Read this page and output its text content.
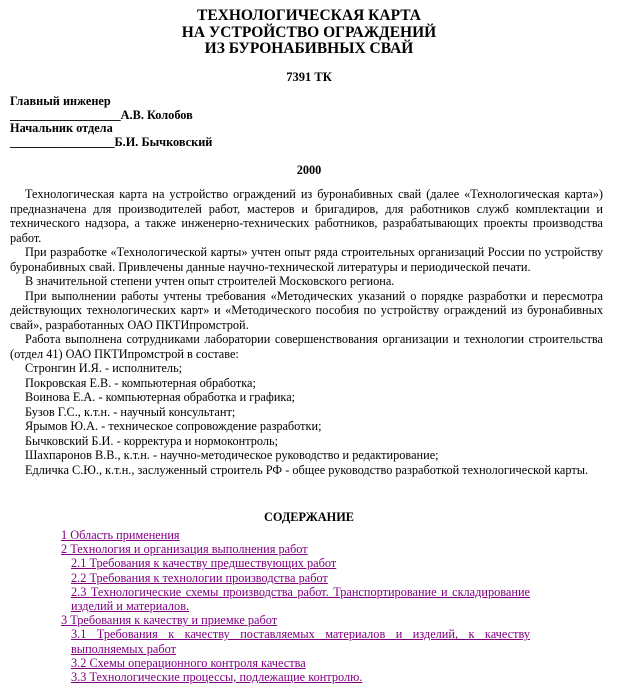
ТЕХНОЛОГИЧЕСКАЯ КАРТА
НА УСТРОЙСТВО ОГРАЖДЕНИЙ
ИЗ БУРОНАБИВНЫХ СВАЙ
7391 ТК
Главный инженер
__________________А.В. Колобов
Начальник отдела
_________________Б.И. Бычковский
2000

Технологическая карта на устройство ограждений из буронабивных свай (далее «Технологическая карта») предназначена для производителей работ, мастеров и бригадиров, для работников служб комплектации и технического надзора, а также инженерно-технических работников, разрабатывающих проекты производства работ.

При разработке «Технологической карты» учтен опыт ряда строительных организаций России по устройству буронабивных свай. Привлечены данные научно-технической литературы и периодической печати.

В значительной степени учтен опыт строителей Московского региона.

При выполнении работы учтены требования «Методических указаний о порядке разработки и пересмотра действующих технологических карт» и «Методического пособия по устройству ограждений из буронабивных свай», разработанных ОАО ПКТИпромстрой.

Работа выполнена сотрудниками лаборатории совершенствования организации и технологии строительства (отдел 41) ОАО ПКТИпромстрой в составе:

Стронгин И.Я. - исполнитель;

Покровская Е.В. - компьютерная обработка;

Воинова Е.А. - компьютерная обработка и графика;

Бузов Г.С., к.т.н. - научный консультант;

Ярымов Ю.А. - техническое сопровождение разработки;

Бычковский Б.И. - корректура и нормоконтроль;

Шахпаронов В.В., к.т.н. - научно-методическое руководство и редактирование;

Едличка С.Ю., к.т.н., заслуженный строитель РФ - общее руководство разработкой технологической карты.

СОДЕРЖАНИЕ
1 Область применения
2 Технология и организация выполнения работ
2.1 Требования к качеству предшествующих работ
2.2 Требования к технологии производства работ
2.3 Технологические схемы производства работ. Транспортирование и складирование изделий и материалов.
3 Требования к качеству и приемке работ
3.1 Требования к качеству поставляемых материалов и изделий, к качеству выполняемых работ
3.2 Схемы операционного контроля качества
3.3 Технологические процессы, подлежащие контролю.
